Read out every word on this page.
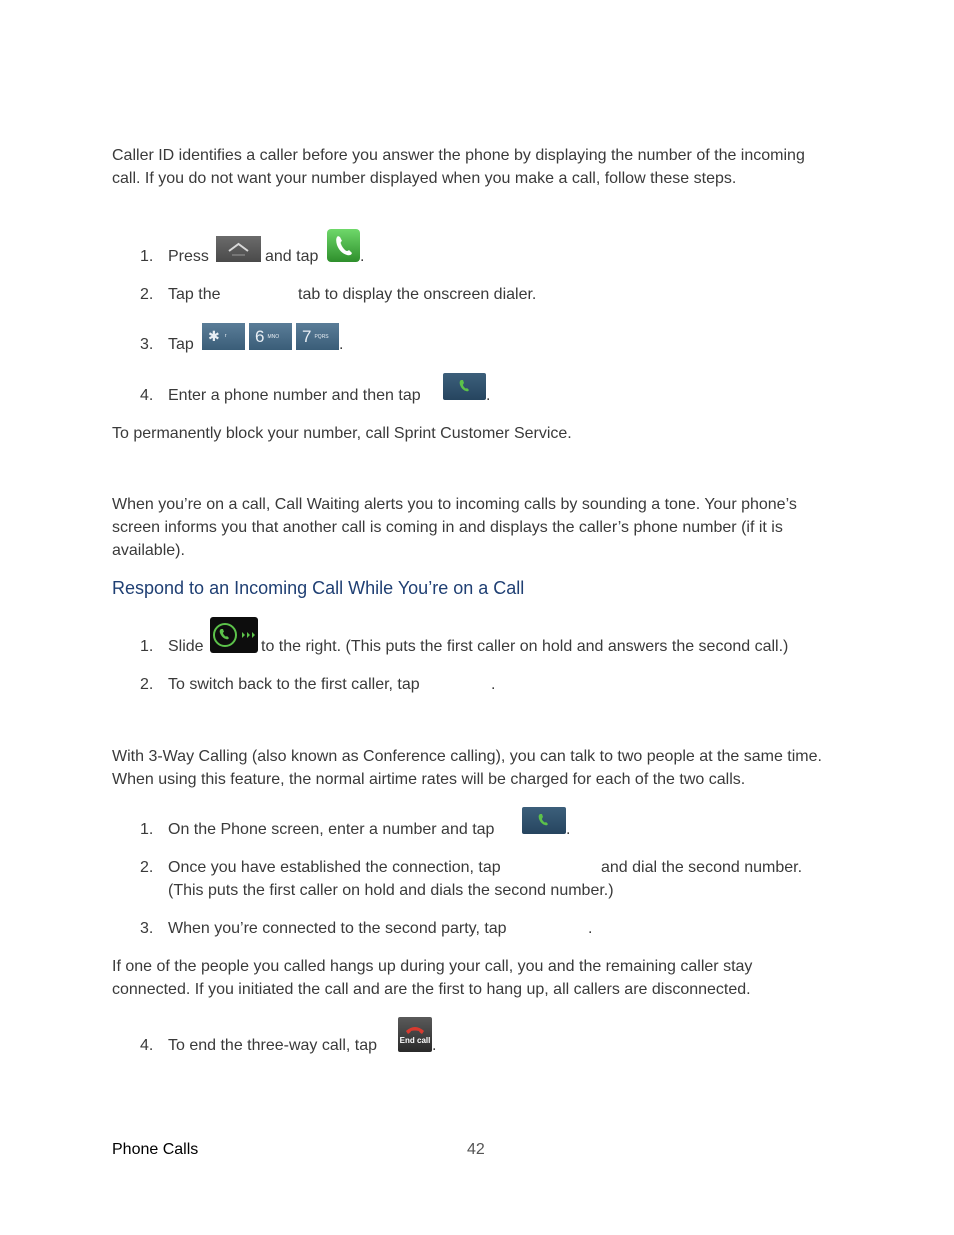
Caller ID identifies a caller before you answer the phone by displaying the number of the incoming call. If you do not want your number displayed when you make a call, follow these steps.

1. Press	and tap	.
2. Tap the	tab to display the onscreen dialer.
3. Tap ✱ ʳ 6 MNO 7 PQRS .
4. Enter a phone number and then tap	.

To permanently block your number, call Sprint Customer Service.

When you’re on a call, Call Waiting alerts you to incoming calls by sounding a tone. Your phone’s screen informs you that another call is coming in and displays the caller’s phone number (if it is available).

Respond to an Incoming Call While You’re on a Call
1. Slide	to the right. (This puts the first caller on hold and answers the second call.)
2. To switch back to the first caller, tap	.

With 3-Way Calling (also known as Conference calling), you can talk to two people at the same time. When using this feature, the normal airtime rates will be charged for each of the two calls.

1. On the Phone screen, enter a number and tap	.
2. Once you have established the connection, tap	and dial the second number.
(This puts the first caller on hold and dials the second number.)
3. When you’re connected to the second party, tap	.

If one of the people you called hangs up during your call, you and the remaining caller stay connected. If you initiated the call and are the first to hang up, all callers are disconnected.

4. To end the three-way call, tap	End call .
Phone Calls	42
